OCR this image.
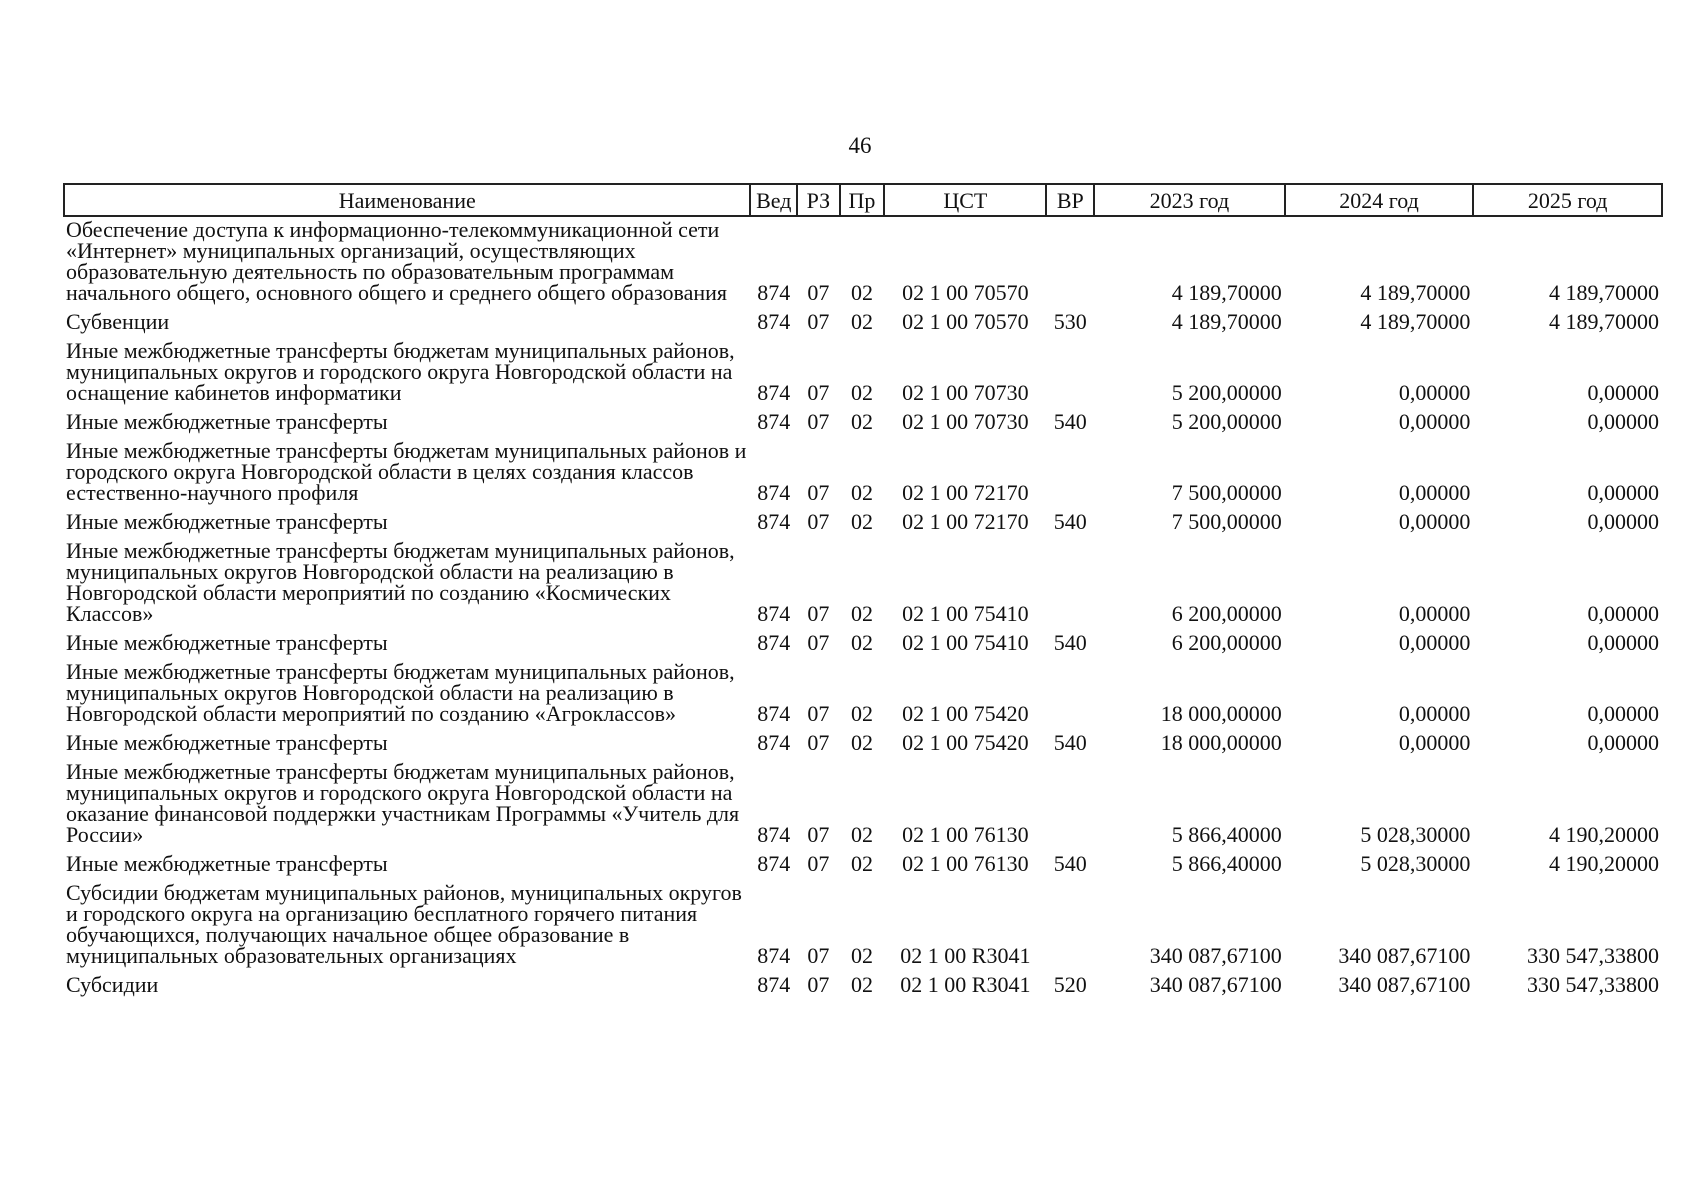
46
Наименование	Вед	РЗ	Пр	ЦСТ	ВР	2023 год	2024 год	2025 год
Обеспечение доступа к информационно-телекоммуникационной сети «Интернет» муниципальных организаций, осуществляющих образовательную деятельность по образовательным программам начального общего, основного общего и среднего общего образования	874	07	02	02 1 00 70570		4 189,70000	4 189,70000	4 189,70000
Субвенции	874	07	02	02 1 00 70570	530	4 189,70000	4 189,70000	4 189,70000
Иные межбюджетные трансферты бюджетам муниципальных районов, муниципальных округов и городского округа Новгородской области на оснащение кабинетов информатики	874	07	02	02 1 00 70730		5 200,00000	0,00000	0,00000
Иные межбюджетные трансферты	874	07	02	02 1 00 70730	540	5 200,00000	0,00000	0,00000
Иные межбюджетные трансферты бюджетам муниципальных районов и городского округа Новгородской области в целях создания классов естественно-научного профиля	874	07	02	02 1 00 72170		7 500,00000	0,00000	0,00000
Иные межбюджетные трансферты	874	07	02	02 1 00 72170	540	7 500,00000	0,00000	0,00000
Иные межбюджетные трансферты бюджетам муниципальных районов, муниципальных округов Новгородской области на реализацию в Новгородской области мероприятий по созданию «Космических Классов»	874	07	02	02 1 00 75410		6 200,00000	0,00000	0,00000
Иные межбюджетные трансферты	874	07	02	02 1 00 75410	540	6 200,00000	0,00000	0,00000
Иные межбюджетные трансферты бюджетам муниципальных районов, муниципальных округов Новгородской области на реализацию в Новгородской области мероприятий по созданию «Агроклассов»	874	07	02	02 1 00 75420		18 000,00000	0,00000	0,00000
Иные межбюджетные трансферты	874	07	02	02 1 00 75420	540	18 000,00000	0,00000	0,00000
Иные межбюджетные трансферты бюджетам муниципальных районов, муниципальных округов и городского округа Новгородской области на оказание финансовой поддержки участникам Программы «Учитель для России»	874	07	02	02 1 00 76130		5 866,40000	5 028,30000	4 190,20000
Иные межбюджетные трансферты	874	07	02	02 1 00 76130	540	5 866,40000	5 028,30000	4 190,20000
Субсидии бюджетам муниципальных районов, муниципальных округов и городского округа на организацию бесплатного горячего питания обучающихся, получающих начальное общее образование в муниципальных образовательных организациях	874	07	02	02 1 00 R3041		340 087,67100	340 087,67100	330 547,33800
Субсидии	874	07	02	02 1 00 R3041	520	340 087,67100	340 087,67100	330 547,33800
